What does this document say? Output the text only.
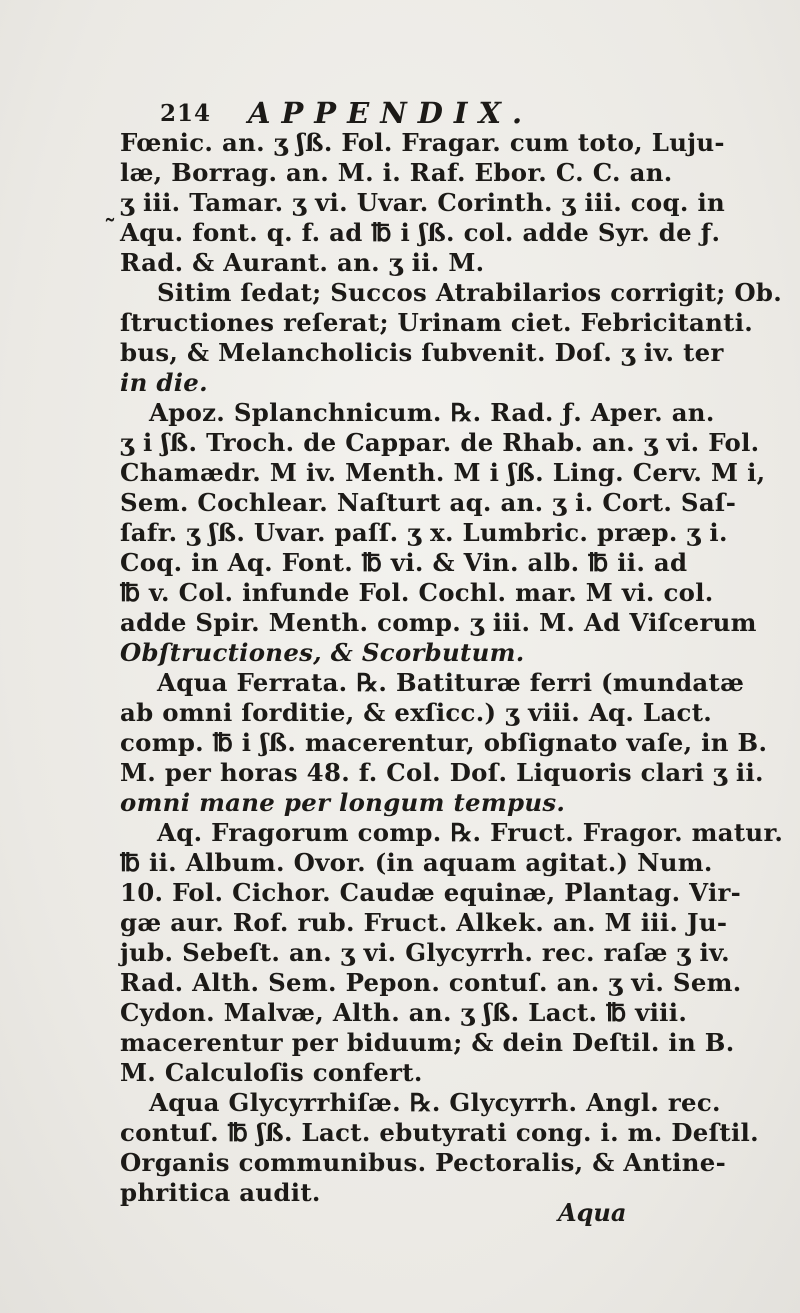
214 APPENDIX.
˜
Fœnic. an. ʒ ʃß. Fol. Fragar. cum toto, Luju-
læ, Borrag. an. M. i. Raf. Ebor. C. C. an.
ʒ iii. Tamar. ʒ vi. Uvar. Corinth. ʒ iii. coq. in
Aqu. font. q. f. ad ℔ i ʃß. col. adde Syr. de ƒ.
Rad. & Aurant. an. ʒ ii. M.
Sitim ſedat; Succos Atrabilarios corrigit; Ob.
ſtructiones reſerat; Urinam ciet. Febricitanti.
bus, & Melancholicis ſubvenit. Doſ. ʒ iv. ter
in die.
Apoz. Splanchnicum. ℞. Rad. ƒ. Aper. an.
ʒ i ʃß. Troch. de Cappar. de Rhab. an. ʒ vi. Fol.
Chamædr. M iv. Menth. M i ʃß. Ling. Cerv. M i,
Sem. Cochlear. Naſturt aq. an. ʒ i. Cort. Saſ-
ſafr. ʒ ʃß. Uvar. paſſ. ʒ x. Lumbric. præp. ʒ i.
Coq. in Aq. Font. ℔ vi. & Vin. alb. ℔ ii. ad
℔ v. Col. infunde Fol. Cochl. mar. M vi. col.
adde Spir. Menth. comp. ʒ iii. M. Ad Viſcerum
Obſtructiones, & Scorbutum.
Aqua Ferrata. ℞. Batituræ ferri (mundatæ
ab omni ſorditie, & exſicc.) ʒ viii. Aq. Lact.
comp. ℔ i ʃß. macerentur, obſignato vaſe, in B.
M. per horas 48. f. Col. Doſ. Liquoris clari ʒ ii.
omni mane per longum tempus.
Aq. Fragorum comp. ℞. Fruct. Fragor. matur.
℔ ii. Album. Ovor. (in aquam agitat.) Num.
10. Fol. Cichor. Caudæ equinæ, Plantag. Vir-
gæ aur. Rof. rub. Fruct. Alkek. an. M iii. Ju-
jub. Sebeſt. an. ʒ vi. Glycyrrh. rec. raſæ ʒ iv.
Rad. Alth. Sem. Pepon. contuſ. an. ʒ vi. Sem.
Cydon. Malvæ, Alth. an. ʒ ʃß. Lact. ℔ viii.
macerentur per biduum; & dein Deſtil. in B.
M. Calculoſis confert.
Aqua Glycyrrhiſæ. ℞. Glycyrrh. Angl. rec.
contuſ. ℔ ʃß. Lact. ebutyrati cong. i. m. Deſtil.
Organis communibus. Pectoralis, & Antine-
phritica audit.
Aqua
